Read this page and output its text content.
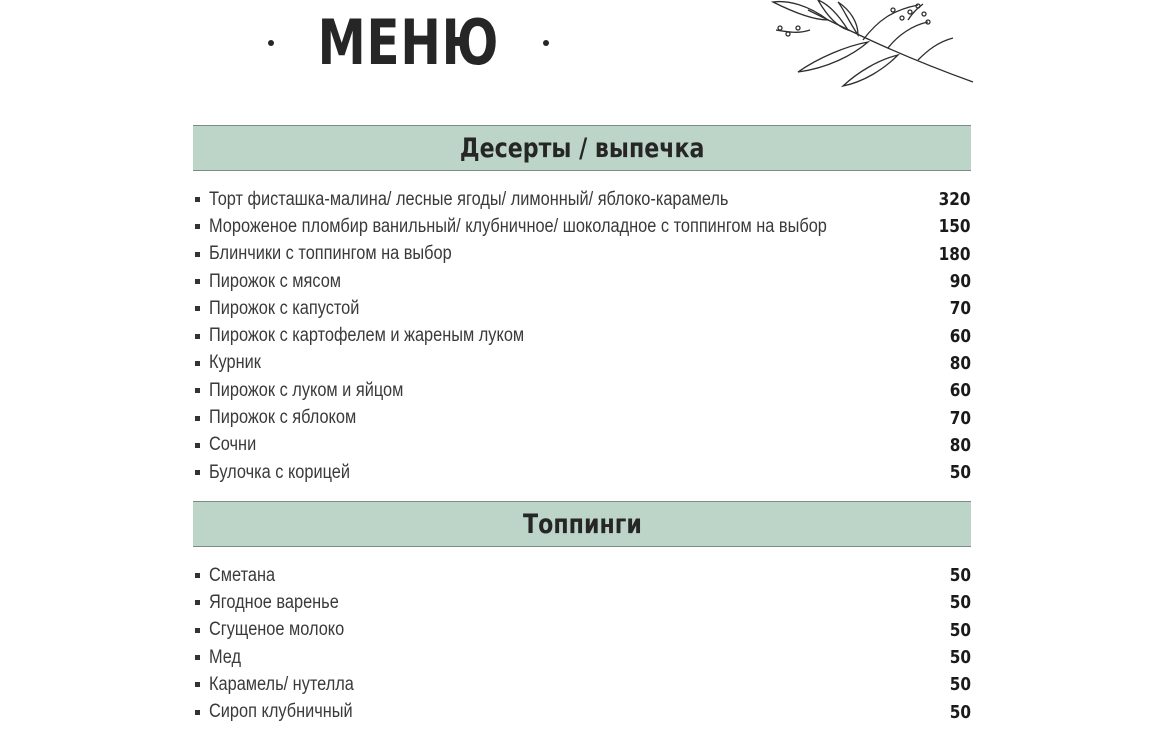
МЕНЮ
Десерты / выпечка
Торт фисташка-малина/ лесные ягоды/ лимонный/ яблоко-карамель	320
Мороженое пломбир ванильный/ клубничное/ шоколадное с топпингом на выбор	150
Блинчики с топпингом на выбор	180
Пирожок с мясом	90
Пирожок с капустой	70
Пирожок с картофелем и жареным луком	60
Курник	80
Пирожок с луком и яйцом	60
Пирожок с яблоком	70
Сочни	80
Булочка с корицей	50
Топпинги
Сметана	50
Ягодное варенье	50
Сгущеное молоко	50
Мед	50
Карамель/ нутелла	50
Сироп клубничный	50
